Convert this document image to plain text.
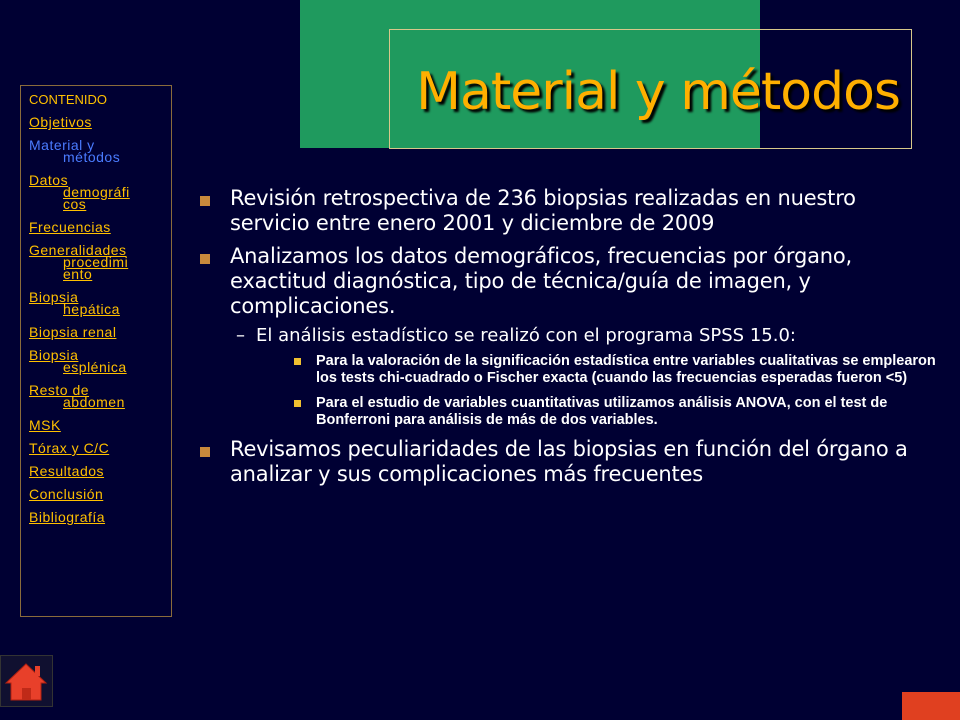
Material y métodos
CONTENIDO
Objetivos
Material y
métodos
Datos
demográfi
cos
Frecuencias
Generalidades
procedimi
ento
Biopsia
hepática
Biopsia renal
Biopsia
esplénica
Resto de
abdomen
MSK
Tórax y C/C
Resultados
Conclusión
Bibliografía
Revisión retrospectiva de 236 biopsias realizadas en nuestro servicio entre enero 2001 y diciembre de 2009
Analizamos los datos demográficos, frecuencias por órgano, exactitud diagnóstica, tipo de técnica/guía de imagen, y complicaciones.
– El análisis estadístico se realizó con el programa SPSS 15.0:
Para la valoración de la significación estadística entre variables cualitativas se emplearon los tests chi-cuadrado o Fischer exacta (cuando las frecuencias esperadas fueron <5)
Para el estudio de variables cuantitativas utilizamos análisis ANOVA, con el test de Bonferroni para análisis de más de dos variables.
Revisamos peculiaridades de las biopsias en función del órgano a analizar y sus complicaciones más frecuentes
